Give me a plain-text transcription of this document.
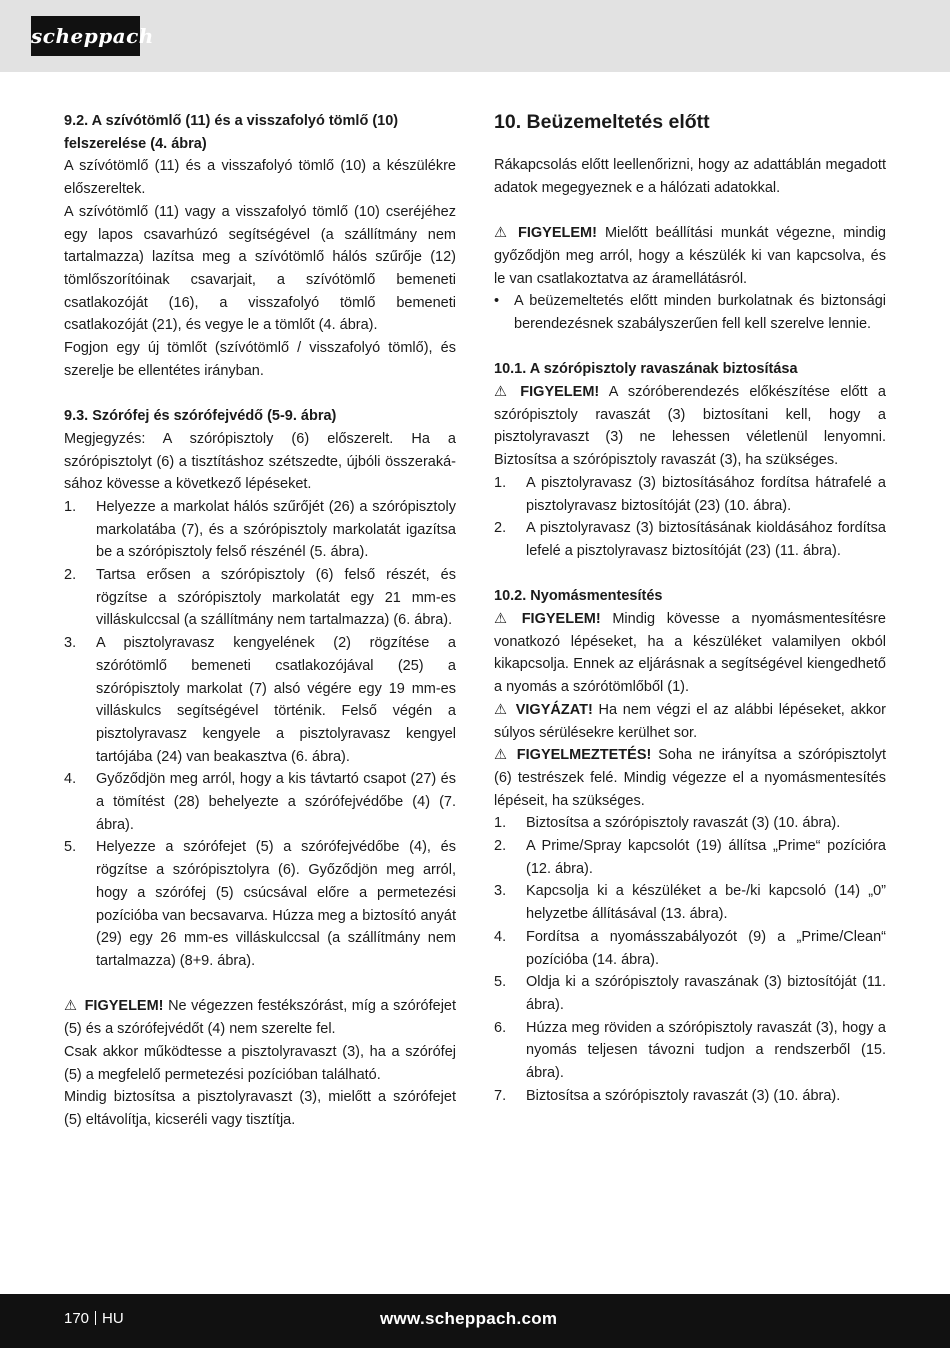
scheppach

9.2. A szívótömlő (11) és a visszafolyó tömlő (10)
felszerelése (4. ábra)

A szívótömlő (11) és a visszafolyó tömlő (10) a készülékre előszereltek.

A szívótömlő (11) vagy a visszafolyó tömlő (10) cseréjéhez egy lapos csavarhúzó segítségével (a szállítmány nem tartalmazza) lazítsa meg a szívótömlő hálós szűrője (12) tömlőszorítóinak csavarjait, a szívótömlő bemeneti csatlakozóját (16), a visszafolyó tömlő bemeneti csatlakozóját (21), és vegye le a tömlőt (4. ábra).

Fogjon egy új tömlőt (szívótömlő / visszafolyó tömlő), és szerelje be ellentétes irányban.

9.3. Szórófej és szórófejvédő (5-9. ábra)

Megjegyzés: A szórópisztoly (6) előszerelt. Ha a szórópisztolyt (6) a tisztításhoz szétszedte, újbóli összerakásához kövesse a következő lépéseket.

1.	Helyezze a markolat hálós szűrőjét (26) a szórópisztoly markolatába (7), és a szórópisztoly markolatát igazítsa be a szórópisztoly felső részénél (5. ábra).
2.	Tartsa erősen a szórópisztoly (6) felső részét, és rögzítse a szórópisztoly markolatát egy 21 mm-es villáskulccsal (a szállítmány nem tartalmazza) (6. ábra).
3.	A pisztolyravasz kengyelének (2) rögzítése a szórótömlő bemeneti csatlakozójával (25) a szórópisztoly markolat (7) alsó végére egy 19 mm-es villáskulcs segítségével történik. Felső végén a pisztolyravasz kengyele a pisztolyravasz kengyel tartójába (24) van beakasztva (6. ábra).
4.	Győződjön meg arról, hogy a kis távtartó csapot (27) és a tömítést (28) behelyezte a szórófejvédőbe (4) (7. ábra).
5.	Helyezze a szórófejet (5) a szórófejvédőbe (4), és rögzítse a szórópisztolyra (6). Győződjön meg arról, hogy a szórófej (5) csúcsával előre a permetezési pozícióba van becsavarva. Húzza meg a biztosító anyát (29) egy 26 mm-es villáskulccsal (a szállítmány nem tartalmazza) (8+9. ábra).

⚠ FIGYELEM! Ne végezzen festékszórást, míg a szórófejet (5) és a szórófejvédőt (4) nem szerelte fel.

Csak akkor működtesse a pisztolyravaszt (3), ha a szórófej (5) a megfelelő permetezési pozícióban található.

Mindig biztosítsa a pisztolyravaszt (3), mielőtt a szórófejet (5) eltávolítja, kicseréli vagy tisztítja.

10. Beüzemeltetés előtt

Rákapcsolás előtt leellenőrizni, hogy az adattáblán megadott adatok megegyeznek e a hálózati adatokkal.

⚠ FIGYELEM! Mielőtt beállítási munkát végezne, mindig győződjön meg arról, hogy a készülék ki van kapcsolva, és le van csatlakoztatva az áramellátásról.

•	A beüzemeltetés előtt minden burkolatnak és biztonsági berendezésnek szabályszerűen fell kell szerelve lennie.

10.1. A szórópisztoly ravaszának biztosítása

⚠ FIGYELEM! A szóróberendezés előkészítése előtt a szórópisztoly ravaszát (3) biztosítani kell, hogy a pisztolyravaszt (3) ne lehessen véletlenül lenyomni. Biztosítsa a szórópisztoly ravaszát (3), ha szükséges.

1.	A pisztolyravasz (3) biztosításához fordítsa hátrafelé a pisztolyravasz biztosítóját (23) (10. ábra).
2.	A pisztolyravasz (3) biztosításának kioldásához fordítsa lefelé a pisztolyravasz biztosítóját (23) (11. ábra).

10.2. Nyomásmentesítés

⚠ FIGYELEM! Mindig kövesse a nyomásmentesítésre vonatkozó lépéseket, ha a készüléket valamilyen okból kikapcsolja. Ennek az eljárásnak a segítségével kiengedhető a nyomás a szórótömlőből (1).

⚠ VIGYÁZAT! Ha nem végzi el az alábbi lépéseket, akkor súlyos sérülésekre kerülhet sor.

⚠ FIGYELMEZTETÉS! Soha ne irányítsa a szórópisztolyt (6) testrészek felé. Mindig végezze el a nyomásmentesítés lépéseit, ha szükséges.

1.	Biztosítsa a szórópisztoly ravaszát (3) (10. ábra).
2.	A Prime/Spray kapcsolót (19) állítsa „Prime“ pozícióra (12. ábra).
3.	Kapcsolja ki a készüléket a be-/ki kapcsoló (14) „0” helyzetbe állításával (13. ábra).
4.	Fordítsa a nyomásszabályozót (9) a „Prime/Clean“ pozícióba (14. ábra).
5.	Oldja ki a szórópisztoly ravaszának (3) biztosítóját (11. ábra).
6.	Húzza meg röviden a szórópisztoly ravaszát (3), hogy a nyomás teljesen távozni tudjon a rendszerből (15. ábra).
7.	Biztosítsa a szórópisztoly ravaszát (3) (10. ábra).
170 HU	www.scheppach.com
